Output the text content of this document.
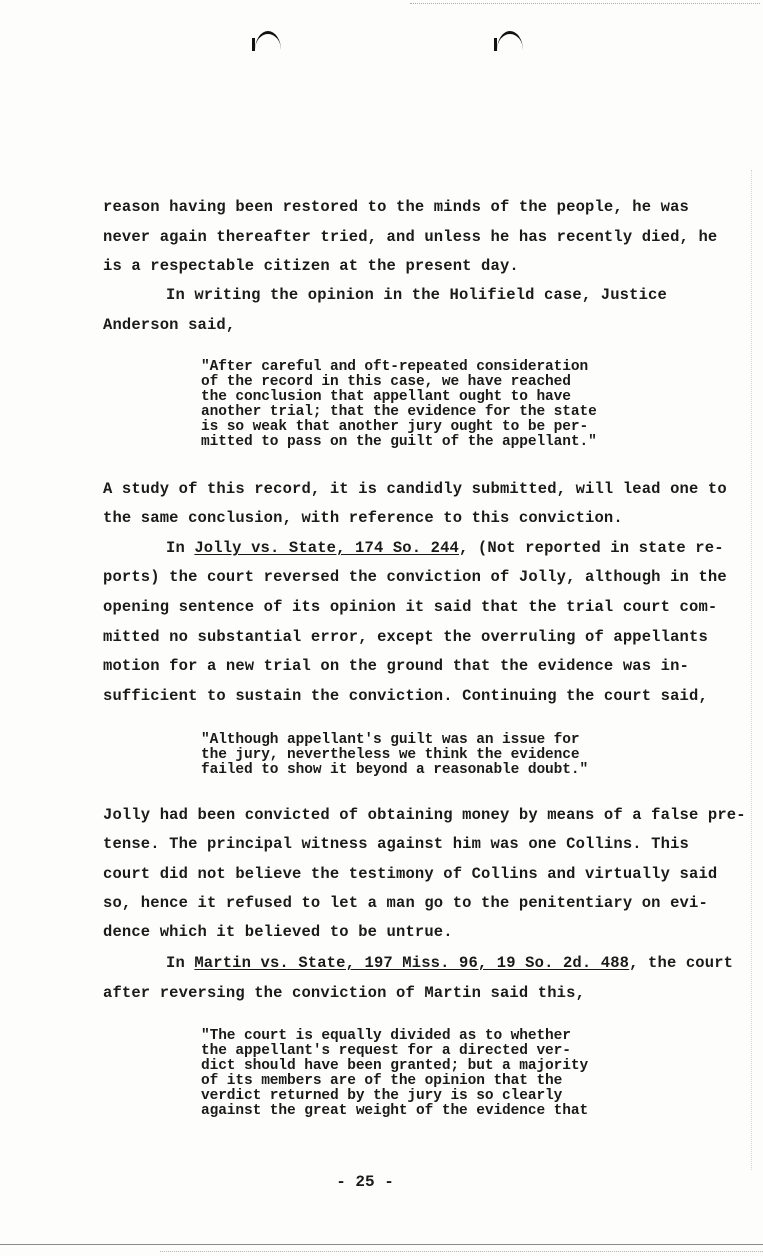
reason having been restored to the minds of the people, he was
never again thereafter tried, and unless he has recently died, he
is a respectable citizen at the present day.
In writing the opinion in the Holifield case, Justice
Anderson said,
"After careful and oft-repeated consideration
of the record in this case, we have reached
the conclusion that appellant ought to have
another trial; that the evidence for the state
is so weak that another jury ought to be per-
mitted to pass on the guilt of the appellant."
A study of this record, it is candidly submitted, will lead one to
the same conclusion, with reference to this conviction.
In Jolly vs. State, 174 So. 244, (Not reported in state re-
ports) the court reversed the conviction of Jolly, although in the
opening sentence of its opinion it said that the trial court com-
mitted no substantial error, except the overruling of appellants
motion for a new trial on the ground that the evidence was in-
sufficient to sustain the conviction. Continuing the court said,
"Although appellant's guilt was an issue for
the jury, nevertheless we think the evidence
failed to show it beyond a reasonable doubt."
Jolly had been convicted of obtaining money by means of a false pre-
tense. The principal witness against him was one Collins. This
court did not believe the testimony of Collins and virtually said
so, hence it refused to let a man go to the penitentiary on evi-
dence which it believed to be untrue.
In Martin vs. State, 197 Miss. 96, 19 So. 2d. 488, the court
after reversing the conviction of Martin said this,
"The court is equally divided as to whether
the appellant's request for a directed ver-
dict should have been granted; but a majority
of its members are of the opinion that the
verdict returned by the jury is so clearly
against the great weight of the evidence that
- 25 -
